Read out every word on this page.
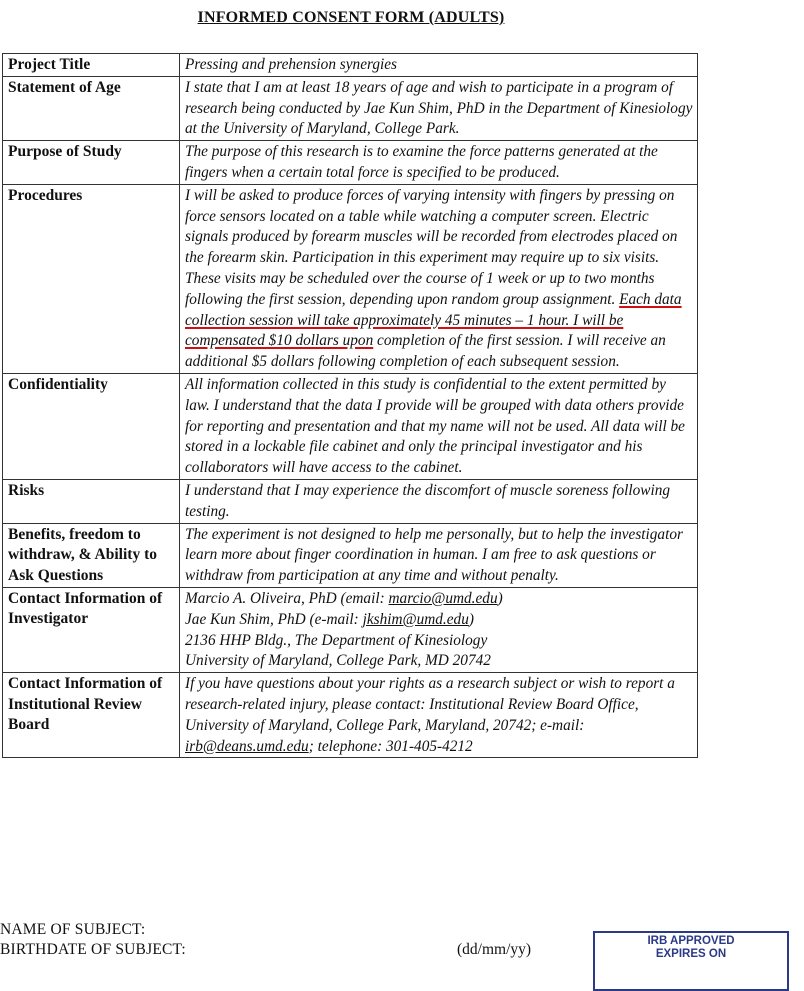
INFORMED CONSENT FORM (ADULTS)
Project Title	Pressing and prehension synergies
Statement of Age	I state that I am at least 18 years of age and wish to participate in a program of research being conducted by Jae Kun Shim, PhD in the Department of Kinesiology at the University of Maryland, College Park.
Purpose of Study	The purpose of this research is to examine the force patterns generated at the fingers when a certain total force is specified to be produced.
Procedures	I will be asked to produce forces of varying intensity with fingers by pressing on force sensors located on a table while watching a computer screen. Electric signals produced by forearm muscles will be recorded from electrodes placed on the forearm skin. Participation in this experiment may require up to six visits. These visits may be scheduled over the course of 1 week or up to two months following the first session, depending upon random group assignment. Each data collection session will take approximately 45 minutes – 1 hour. I will be compensated $10 dollars upon completion of the first session. I will receive an additional $5 dollars following completion of each subsequent session.
Confidentiality	All information collected in this study is confidential to the extent permitted by law. I understand that the data I provide will be grouped with data others provide for reporting and presentation and that my name will not be used. All data will be stored in a lockable file cabinet and only the principal investigator and his collaborators will have access to the cabinet.
Risks	I understand that I may experience the discomfort of muscle soreness following testing.
Benefits, freedom to withdraw, & Ability to Ask Questions	The experiment is not designed to help me personally, but to help the investigator learn more about finger coordination in human. I am free to ask questions or withdraw from participation at any time and without penalty.
Contact Information of Investigator	Marcio A. Oliveira, PhD (email: marcio@umd.edu)
Jae Kun Shim, PhD (e-mail: jkshim@umd.edu)
2136 HHP Bldg., The Department of Kinesiology
University of Maryland, College Park, MD 20742

Contact Information of Institutional Review Board	If you have questions about your rights as a research subject or wish to report a research-related injury, please contact: Institutional Review Board Office, University of Maryland, College Park, Maryland, 20742; e-mail: irb@deans.umd.edu; telephone: 301-405-4212
NAME OF SUBJECT:
BIRTHDATE OF SUBJECT:	(dd/mm/yy)	IRB APPROVED
EXPIRES ON
